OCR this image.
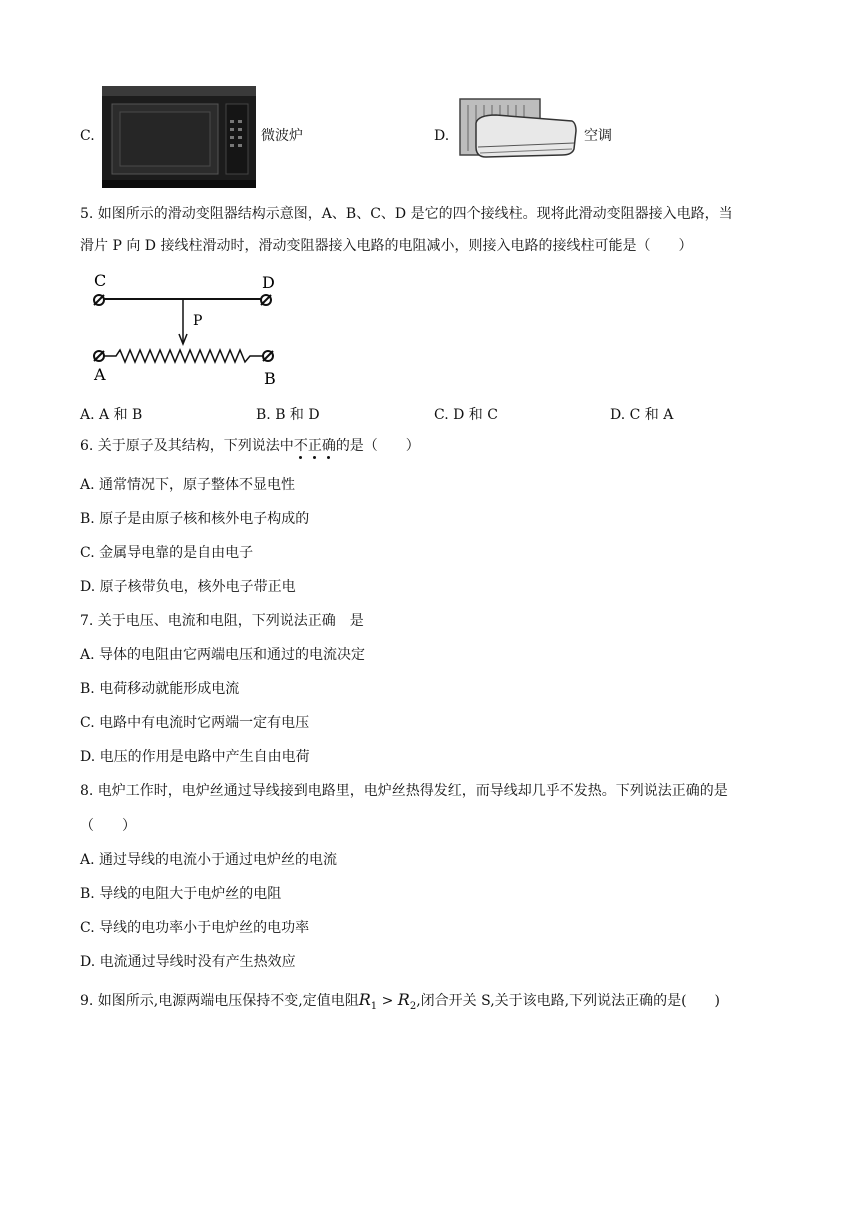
C.	微波炉	D.	空调
5. 如图所示的滑动变阻器结构示意图，A、B、C、D 是它的四个接线柱。现将此滑动变阻器接入电路，当
滑片 P 向 D 接线柱滑动时，滑动变阻器接入电路的电阻减小，则接入电路的接线柱可能是（　　）
C	D
P
A	B
A. A 和 B	B. B 和 D	C. D 和 C	D. C 和 A
6. 关于原子及其结构，下列说法中不正确的是（　　）
A. 通常情况下，原子整体不显电性
B. 原子是由原子核和核外电子构成的
C. 金属导电靠的是自由电子
D. 原子核带负电，核外电子带正电
7. 关于电压、电流和电阻，下列说法正确　是
A. 导体的电阻由它两端电压和通过的电流决定
B. 电荷移动就能形成电流
C. 电路中有电流时它两端一定有电压
D. 电压的作用是电路中产生自由电荷
8. 电炉工作时，电炉丝通过导线接到电路里，电炉丝热得发红，而导线却几乎不发热。下列说法正确的是
（　　）
A. 通过导线的电流小于通过电炉丝的电流
B. 导线的电阻大于电炉丝的电阻
C. 导线的电功率小于电炉丝的电功率
D. 电流通过导线时没有产生热效应
9. 如图所示,电源两端电压保持不变,定值电阻$R_1 > R_2$,闭合开关 S,关于该电路,下列说法正确的是(　　)
